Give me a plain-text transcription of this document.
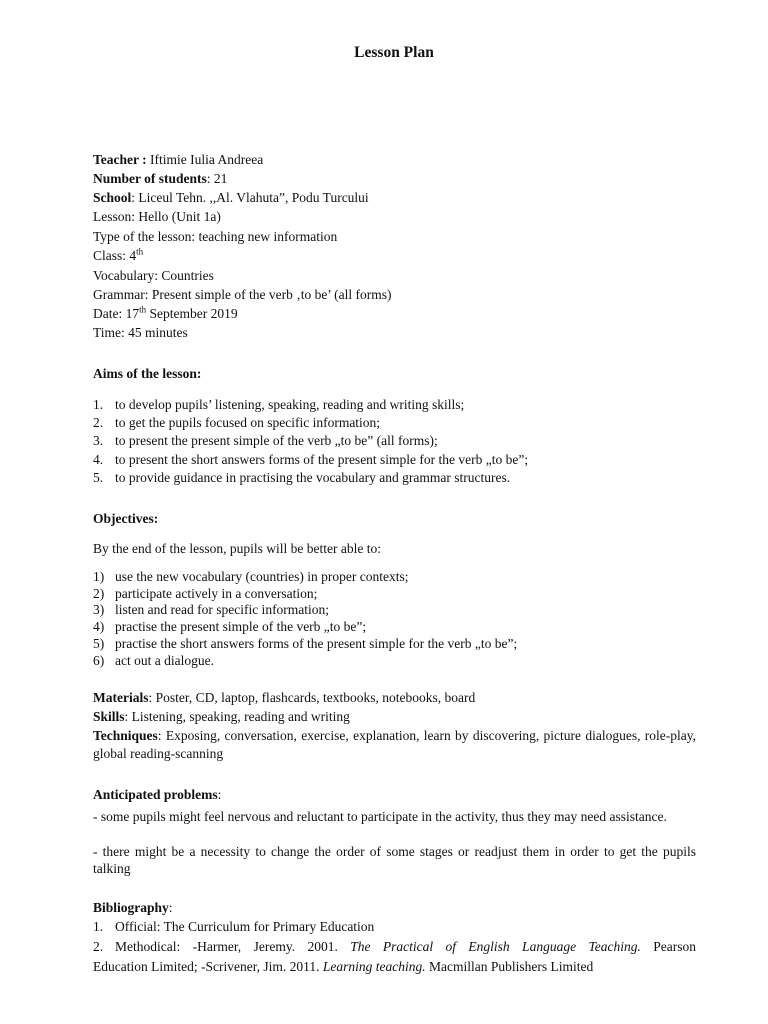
Lesson Plan
Teacher : Iftimie Iulia Andreea
Number of students: 21
School: Liceul Tehn. ,,Al. Vlahuta”, Podu Turcului
Lesson: Hello (Unit 1a)
Type of the lesson: teaching new information
Class: 4th
Vocabulary: Countries
Grammar: Present simple of the verb ‚to be’ (all forms)
Date: 17th September 2019
Time: 45 minutes
Aims of the lesson:
1. to develop pupils’ listening, speaking, reading and writing skills;
2. to get the pupils focused on specific information;
3. to present the present simple of the verb „to be” (all forms);
4. to present the short answers forms of the present simple for the verb „to be”;
5. to provide guidance in practising the vocabulary and grammar structures.
Objectives:
By the end of the lesson, pupils will be better able to:
1) use the new vocabulary (countries) in proper contexts;
2) participate actively in a conversation;
3) listen and read for specific information;
4) practise the present simple of the verb „to be”;
5) practise the short answers forms of the present simple for the verb „to be”;
6) act out a dialogue.
Materials: Poster, CD, laptop, flashcards, textbooks, notebooks, board
Skills: Listening, speaking, reading and writing
Techniques: Exposing, conversation, exercise, explanation, learn by discovering, picture dialogues, role-play, global reading-scanning
Anticipated problems:
- some pupils might feel nervous and reluctant to participate in the activity, thus they may need assistance.
- there might be a necessity to change the order of some stages or readjust them in order to get the pupils talking
Bibliography:
1. Official: The Curriculum for Primary Education
2. Methodical: -Harmer, Jeremy. 2001. The Practical of English Language Teaching. Pearson
Education Limited; -Scrivener, Jim. 2011. Learning teaching. Macmillan Publishers Limited
